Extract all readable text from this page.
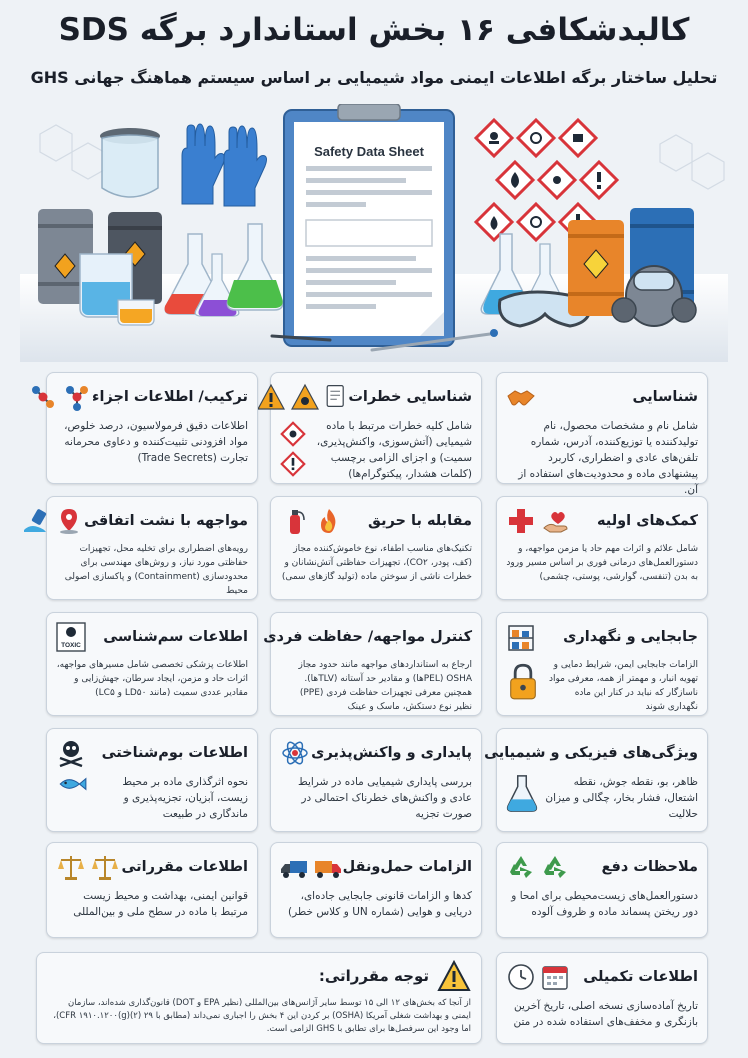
کالبدشکافی ۱۶ بخش استاندارد برگه SDS
تحلیل ساختار برگه اطلاعات ایمنی مواد شیمیایی بر اساس سیستم هماهنگ جهانی GHS
Safety Data Sheet
شناسایی
شامل نام و مشخصات محصول، نام تولیدکننده یا توزیع‌کننده، آدرس، شماره تلفن‌های عادی و اضطراری، کاربرد پیشنهادی ماده و محدودیت‌های استفاده از آن.
شناسایی خطرات
شامل کلیه خطرات مرتبط با ماده شیمیایی (آتش‌سوزی، واکنش‌پذیری، سمیت) و اجزای الزامی برچسب (کلمات هشدار، پیکتوگرام‌ها)
ترکیب/ اطلاعات اجزاء
اطلاعات دقیق فرمولاسیون، درصد خلوص، مواد افزودنی تثبیت‌کننده و دعاوی محرمانه تجارت (Trade Secrets)
کمک‌های اولیه
شامل علائم و اثرات مهم حاد یا مزمن مواجهه، و دستورالعمل‌های درمانی فوری بر اساس مسیر ورود به بدن (تنفسی، گوارشی، پوستی، چشمی)
مقابله با حریق
تکنیک‌های مناسب اطفاء، نوع خاموش‌کننده مجاز (کف، پودر، CO۲)، تجهیزات حفاظتی آتش‌نشانان و خطرات ناشی از سوختن ماده (تولید گازهای سمی)
مواجهه با نشت اتفاقی
رویه‌های اضطراری برای تخلیه محل، تجهیزات حفاظتی مورد نیاز، و روش‌های مهندسی برای محدودسازی (Containment) و پاکسازی اصولی محیط
جابجایی و نگهداری
الزامات جابجایی ایمن، شرایط دمایی و تهویه انبار، و مهمتر از همه، معرفی مواد ناسازگار که نباید در کنار این ماده نگهداری شوند
کنترل مواجهه/ حفاظت فردی
ارجاع به استانداردهای مواجهه مانند حدود مجاز OSHA (PEL‌ها) و مقادیر حد آستانه (TLV‌ها). همچنین معرفی تجهیزات حفاظت فردی (PPE) نظیر نوع دستکش، ماسک و عینک
اطلاعات سم‌شناسی
TOXIC
اطلاعات پزشکی تخصصی شامل مسیرهای مواجهه، اثرات حاد و مزمن، ایجاد سرطان، جهش‌زایی و مقادیر عددی سمیت (مانند LD۵۰ و LC۵)
ویژگی‌های فیزیکی و شیمیایی
ظاهر، بو، نقطه جوش، نقطه اشتعال، فشار بخار، چگالی و میزان حلالیت
پایداری و واکنش‌پذیری
بررسی پایداری شیمیایی ماده در شرایط عادی و واکنش‌های خطرناک احتمالی در صورت تجزیه
اطلاعات بوم‌شناختی
نحوه اثرگذاری ماده بر محیط زیست، آبزیان، تجزیه‌پذیری و ماندگاری در طبیعت
ملاحظات دفع
دستورالعمل‌های زیست‌محیطی برای امحا و دور ریختن پسماند ماده و ظروف آلوده
الزامات حمل‌ونقل
کدها و الزامات قانونی جابجایی جاده‌ای، دریایی و هوایی (شماره UN و کلاس خطر)
اطلاعات مقرراتی
قوانین ایمنی، بهداشت و محیط زیست مرتبط با ماده در سطح ملی و بین‌المللی
اطلاعات تکمیلی
تاریخ آماده‌سازی نسخه اصلی، تاریخ آخرین بازنگری و مخفف‌های استفاده شده در متن
توجه مقرراتی:
از آنجا که بخش‌های ۱۲ الی ۱۵ توسط سایر آژانس‌های بین‌المللی (نظیر EPA و DOT) قانون‌گذاری شده‌اند، سازمان ایمنی و بهداشت شغلی آمریکا (OSHA) بر کردن این ۴ بخش را اجباری نمی‌داند (مطابق با CFR ۱۹۱۰.۱۲۰۰(g)(۲) ۲۹)، اما وجود این سرفصل‌ها برای تطابق با GHS الزامی است.
